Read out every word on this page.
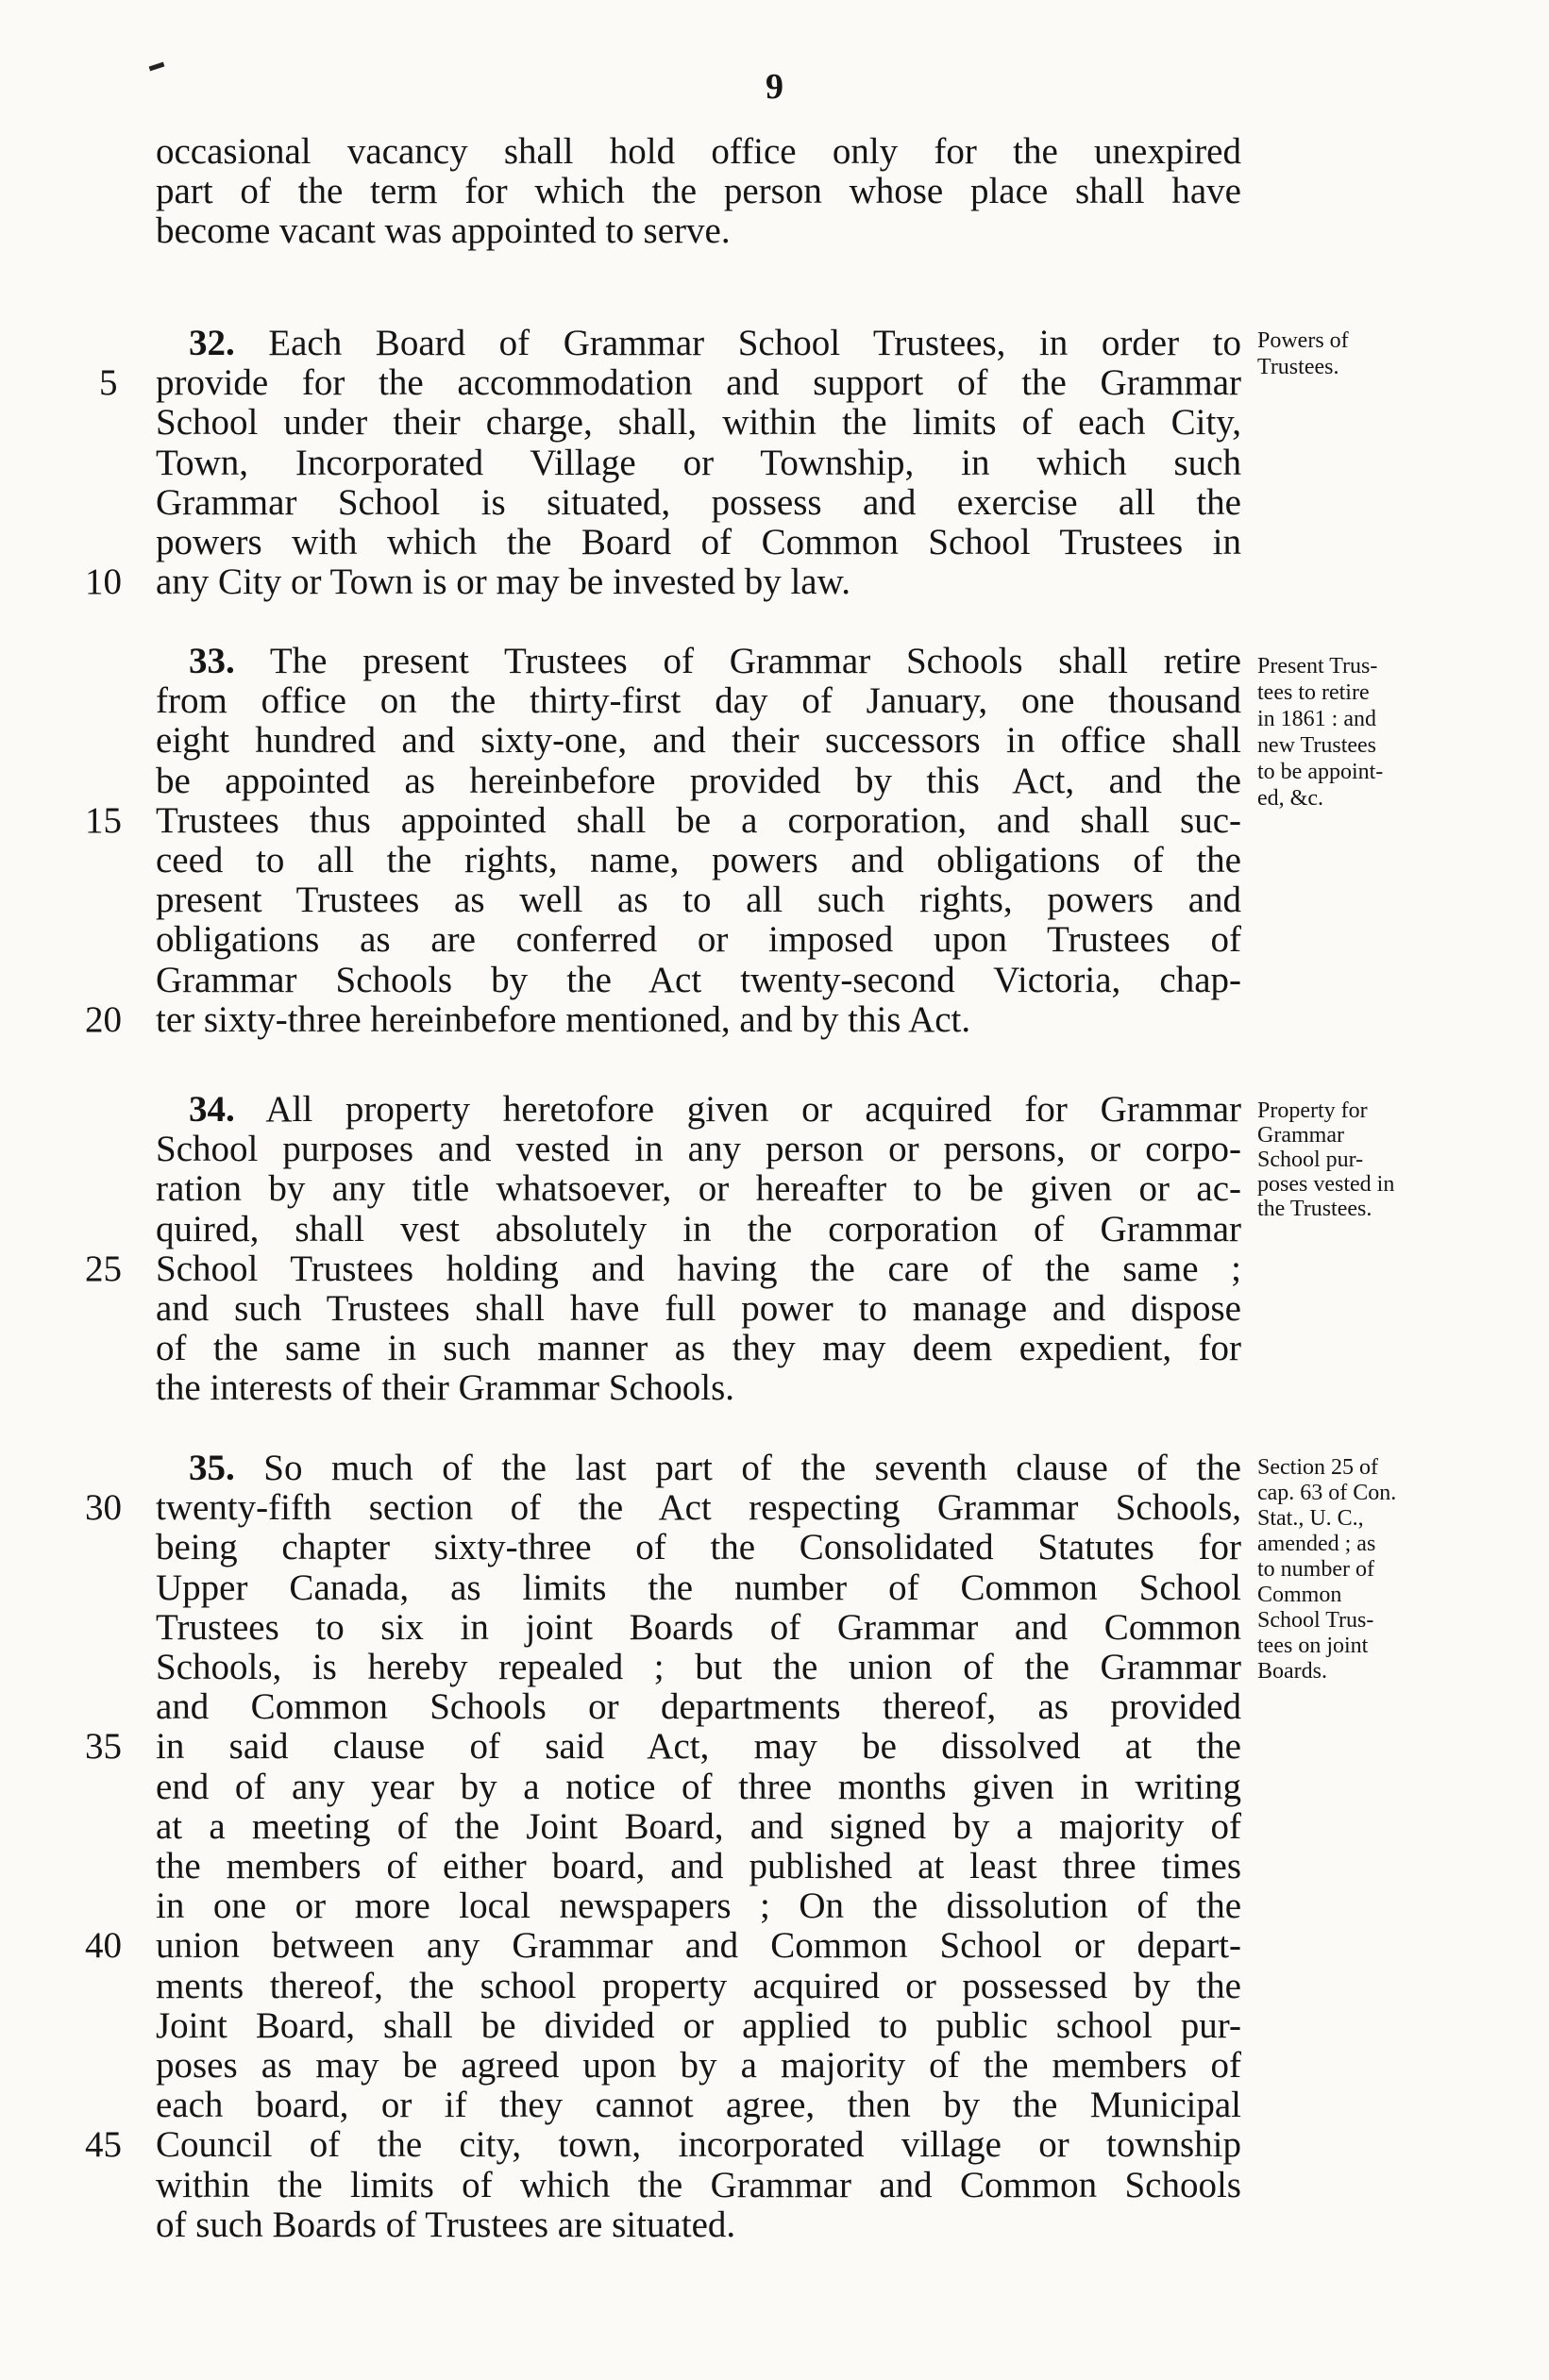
9
occasional vacancy shall hold office only for the unexpired
part of the term for which the person whose place shall have
become vacant was appointed to serve.
32. Each Board of Grammar School Trustees, in order to
provide for the accommodation and support of the Grammar
School under their charge, shall, within the limits of each City,
Town, Incorporated Village or Township, in which such
Grammar School is situated, possess and exercise all the
powers with which the Board of Common School Trustees in
any City or Town is or may be invested by law.
Powers of
Trustees.
33. The present Trustees of Grammar Schools shall retire
from office on the thirty-first day of January, one thousand
eight hundred and sixty-one, and their successors in office shall
be appointed as hereinbefore provided by this Act, and the
Trustees thus appointed shall be a corporation, and shall suc-
ceed to all the rights, name, powers and obligations of the
present Trustees as well as to all such rights, powers and
obligations as are conferred or imposed upon Trustees of
Grammar Schools by the Act twenty-second Victoria, chap-
ter sixty-three hereinbefore mentioned, and by this Act.
Present Trus-
tees to retire
in 1861 : and
new Trustees
to be appoint-
ed, &c.
34. All property heretofore given or acquired for Grammar
School purposes and vested in any person or persons, or corpo-
ration by any title whatsoever, or hereafter to be given or ac-
quired, shall vest absolutely in the corporation of Grammar
School Trustees holding and having the care of the same ;
and such Trustees shall have full power to manage and dispose
of the same in such manner as they may deem expedient, for
the interests of their Grammar Schools.
Property for
Grammar
School pur-
poses vested in
the Trustees.
35. So much of the last part of the seventh clause of the
twenty-fifth section of the Act respecting Grammar Schools,
being chapter sixty-three of the Consolidated Statutes for
Upper Canada, as limits the number of Common School
Trustees to six in joint Boards of Grammar and Common
Schools, is hereby repealed ; but the union of the Grammar
and Common Schools or departments thereof, as provided
in said clause of said Act, may be dissolved at the
end of any year by a notice of three months given in writing
at a meeting of the Joint Board, and signed by a majority of
the members of either board, and published at least three times
in one or more local newspapers ; On the dissolution of the
union between any Grammar and Common School or depart-
ments thereof, the school property acquired or possessed by the
Joint Board, shall be divided or applied to public school pur-
poses as may be agreed upon by a majority of the members of
each board, or if they cannot agree, then by the Municipal
Council of the city, town, incorporated village or township
within the limits of which the Grammar and Common Schools
of such Boards of Trustees are situated.
Section 25 of
cap. 63 of Con.
Stat., U. C.,
amended ; as
to number of
Common
School Trus-
tees on joint
Boards.
5
10
15
20
25
30
35
40
45
